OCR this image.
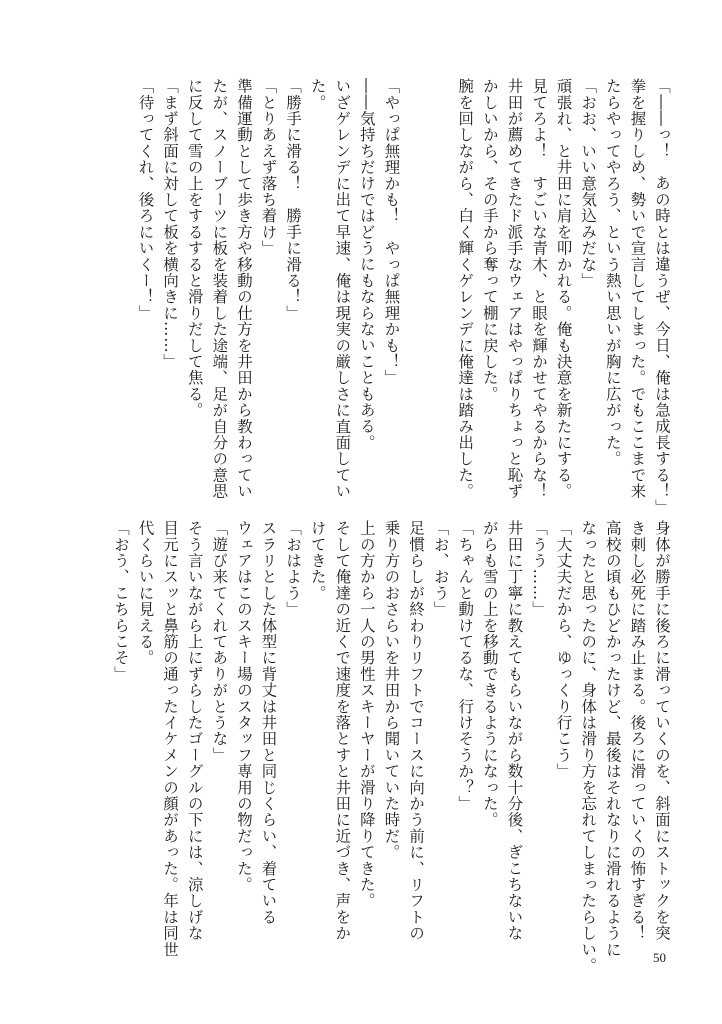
「――っ！　あの時とは違うぜ、今日、俺は急成長する！」
拳を握りしめ、勢いで宣言してしまった。でもここまで来
たらやってやろう、という熱い思いが胸に広がった。
「おお、いい意気込みだな」
頑張れ、と井田に肩を叩かれる。俺も決意を新たにする。
見てろよ！　すごいな青木、と眼を輝かせてやるからな！
井田が薦めてきたド派手なウェアはやっぱりちょっと恥ず
かしいから、その手から奪って棚に戻した。
腕を回しながら、白く輝くゲレンデに俺達は踏み出した。

「やっぱ無理かも！　やっぱ無理かも！」
――気持ちだけではどうにもならないこともある。
いざゲレンデに出て早速、俺は現実の厳しさに直面してい
た。
「勝手に滑る！　勝手に滑る！」
「とりあえず落ち着け」
準備運動として歩き方や移動の仕方を井田から教わってい
たが、スノーブーツに板を装着した途端、足が自分の意思
に反して雪の上をするすると滑りだして焦る。
「まず斜面に対して板を横向きに……」
「待ってくれ、後ろにいくー！」
身体が勝手に後ろに滑っていくのを、斜面にストックを突
き刺し必死に踏み止まる。後ろに滑っていくの怖すぎる！
高校の頃もひどかったけど、最後はそれなりに滑れるように
なったと思ったのに、身体は滑り方を忘れてしまったらしい。
「大丈夫だから、ゆっくり行こう」
「うう……」
井田に丁寧に教えてもらいながら数十分後、ぎこちないな
がらも雪の上を移動できるようになった。
「ちゃんと動けてるな、行けそうか？」
「お、おう」
足慣らしが終わりリフトでコースに向かう前に、リフトの
乗り方のおさらいを井田から聞いていた時だ。
上の方から一人の男性スキーヤーが滑り降りてきた。
そして俺達の近くで速度を落とすと井田に近づき、声をか
けてきた。
「おはよう」
スラリとした体型に背丈は井田と同じくらい、着ている
ウェアはこのスキー場のスタッフ専用の物だった。
「遊び来てくれてありがとうな」
そう言いながら上にずらしたゴーグルの下には、涼しげな
目元にスッと鼻筋の通ったイケメンの顔があった。年は同世
代くらいに見える。
「おう、こちらこそ」
50
